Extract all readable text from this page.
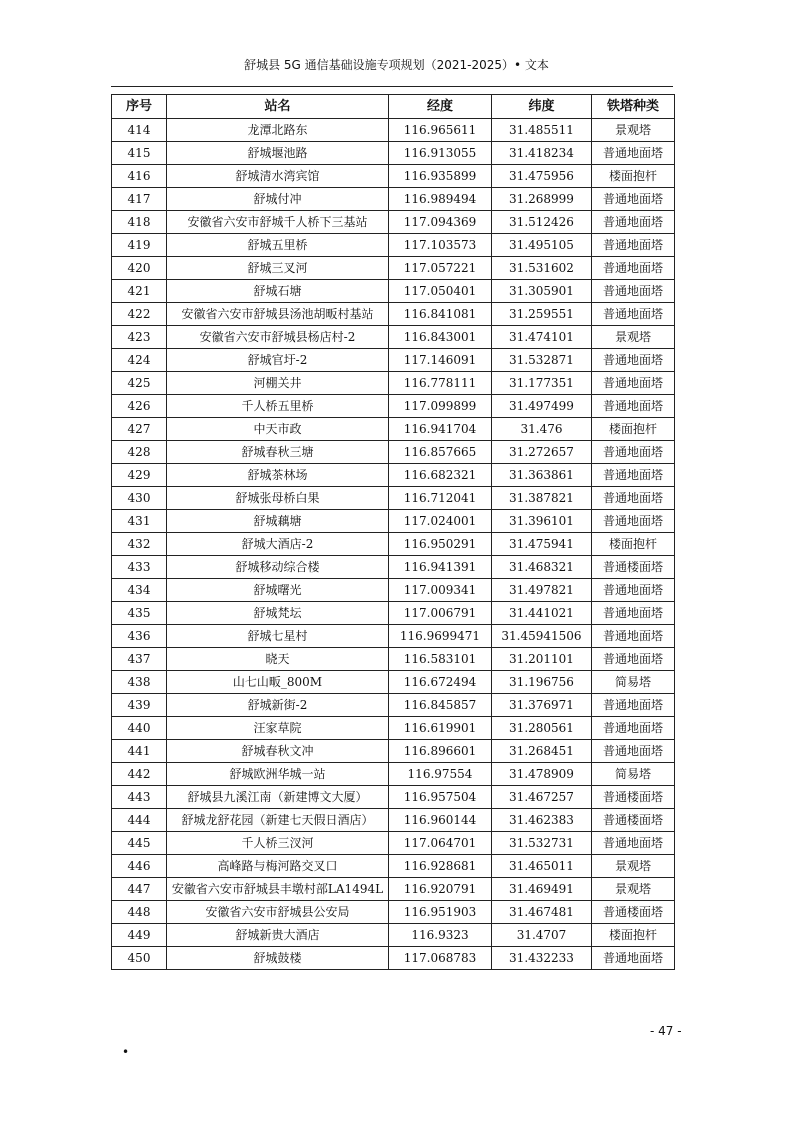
舒城县 5G 通信基础设施专项规划（2021-2025）• 文本
序号	站名	经度	纬度	铁塔种类
414	龙潭北路东	116.965611	31.485511	景观塔
415	舒城堰池路	116.913055	31.418234	普通地面塔
416	舒城清水湾宾馆	116.935899	31.475956	楼面抱杆
417	舒城付冲	116.989494	31.268999	普通地面塔
418	安徽省六安市舒城千人桥下三基站	117.094369	31.512426	普通地面塔
419	舒城五里桥	117.103573	31.495105	普通地面塔
420	舒城三叉河	117.057221	31.531602	普通地面塔
421	舒城石塘	117.050401	31.305901	普通地面塔
422	安徽省六安市舒城县汤池胡畈村基站	116.841081	31.259551	普通地面塔
423	安徽省六安市舒城县杨店村-2	116.843001	31.474101	景观塔
424	舒城官圩-2	117.146091	31.532871	普通地面塔
425	河棚关井	116.778111	31.177351	普通地面塔
426	千人桥五里桥	117.099899	31.497499	普通地面塔
427	中天市政	116.941704	31.476	楼面抱杆
428	舒城春秋三塘	116.857665	31.272657	普通地面塔
429	舒城茶林场	116.682321	31.363861	普通地面塔
430	舒城张母桥白果	116.712041	31.387821	普通地面塔
431	舒城藕塘	117.024001	31.396101	普通地面塔
432	舒城大酒店-2	116.950291	31.475941	楼面抱杆
433	舒城移动综合楼	116.941391	31.468321	普通楼面塔
434	舒城曙光	117.009341	31.497821	普通地面塔
435	舒城梵坛	117.006791	31.441021	普通地面塔
436	舒城七星村	116.9699471	31.45941506	普通地面塔
437	晓天	116.583101	31.201101	普通地面塔
438	山七山畈_800M	116.672494	31.196756	简易塔
439	舒城新街-2	116.845857	31.376971	普通地面塔
440	汪家草院	116.619901	31.280561	普通地面塔
441	舒城春秋文冲	116.896601	31.268451	普通地面塔
442	舒城欧洲华城一站	116.97554	31.478909	简易塔
443	舒城县九溪江南（新建博文大厦）	116.957504	31.467257	普通楼面塔
444	舒城龙舒花园（新建七天假日酒店）	116.960144	31.462383	普通楼面塔
445	千人桥三汊河	117.064701	31.532731	普通地面塔
446	高峰路与梅河路交叉口	116.928681	31.465011	景观塔
447	安徽省六安市舒城县丰墩村部LA1494L	116.920791	31.469491	景观塔
448	安徽省六安市舒城县公安局	116.951903	31.467481	普通楼面塔
449	舒城新贵大酒店	116.9323	31.4707	楼面抱杆
450	舒城鼓楼	117.068783	31.432233	普通地面塔
- 47 -
•
